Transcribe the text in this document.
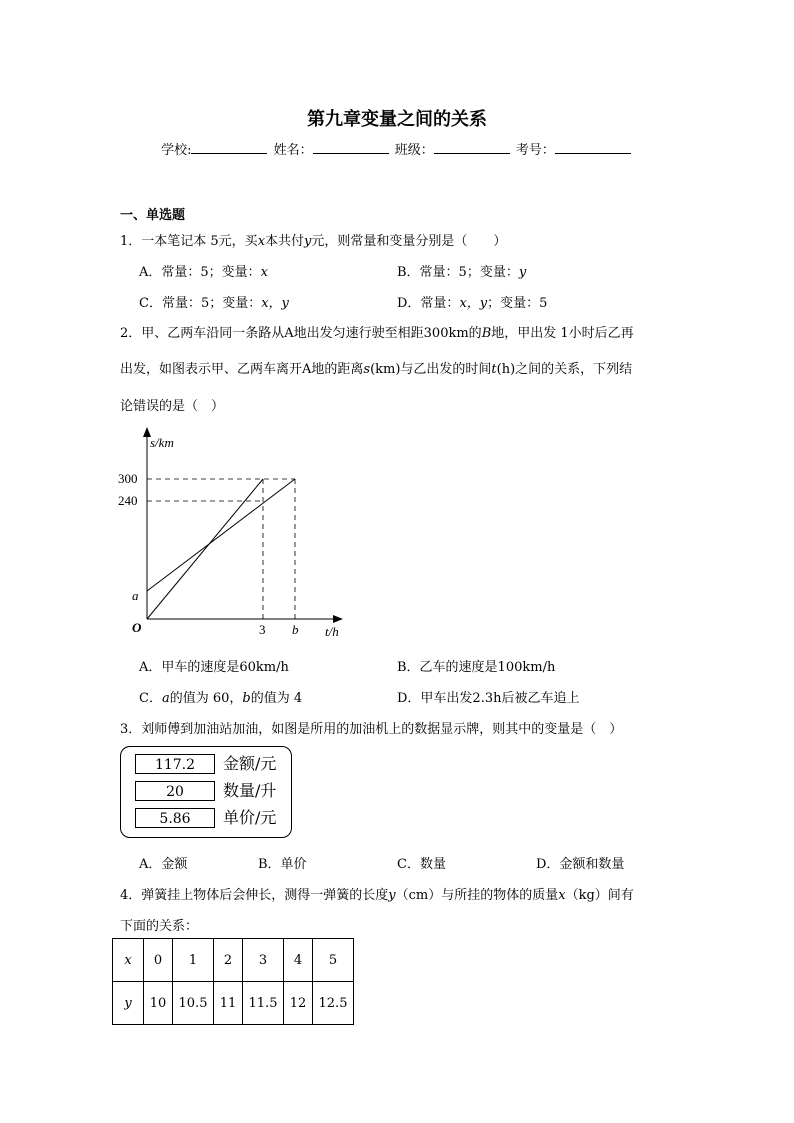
第九章变量之间的关系
学校:	姓名：	班级：	考号：
一、单选题
1．一本笔记本 5元，买x本共付y元，则常量和变量分别是（　　）
A．常量：5；变量：x	B．常量：5；变量：y
C．常量：5；变量：x，y	D．常量：x，y；变量：5
2．甲、乙两车沿同一条路从A地出发匀速行驶至相距300km的B地，甲出发 1小时后乙再
出发，如图表示甲、乙两车离开A地的距离s(km)与乙出发的时间t(h)之间的关系，下列结
论错误的是（　）
s/km
300
240
a
O	3 b t/h
A．甲车的速度是60km/h	B．乙车的速度是100km/h
C．a的值为 60，b的值为 4	D．甲车出发2.3h后被乙车追上
3．刘师傅到加油站加油，如图是所用的加油机上的数据显示牌，则其中的变量是（　）
117.2	金额/元
20	数量/升
5.86	单价/元
A．金额	B．单价	C．数量	D．金额和数量
4．弹簧挂上物体后会伸长，测得一弹簧的长度y（cm）与所挂的物体的质量x（kg）间有
下面的关系：
x	0	1	2	3	4	5
y	10	10.5	11	11.5	12	12.5
